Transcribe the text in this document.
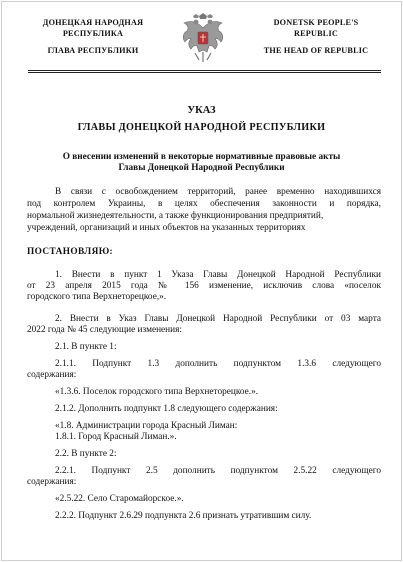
ДОНЕЦКАЯ НАРОДНАЯ
РЕСПУБЛИКА
ГЛАВА РЕСПУБЛИКИ
DONETSK PEOPLE'S
REPUBLIC
THE HEAD OF REPUBLIC
УКАЗ
ГЛАВЫ ДОНЕЦКОЙ НАРОДНОЙ РЕСПУБЛИКИ
О внесении изменений в некоторые нормативные правовые акты
Главы Донецкой Народной Республики
В связи с освобождением территорий, ранее временно находившихся
под контролем Украины, в целях обеспечения законности и порядка,
нормальной жизнедеятельности, а также функционирования предприятий,
учреждений, организаций и иных объектов на указанных территориях
ПОСТАНОВЛЯЮ:
1. Внести в пункт 1 Указа Главы Донецкой Народной Республики
от 23 апреля 2015 года № 156 изменение, исключив слова «поселок
городского типа Верхнеторецкое,».
2. Внести в Указ Главы Донецкой Народной Республики от 03 марта
2022 года № 45 следующие изменения:
2.1. В пункте 1:
2.1.1. Подпункт 1.3 дополнить подпунктом 1.3.6 следующего
содержания:
«1.3.6. Поселок городского типа Верхнеторецкое.».
2.1.2. Дополнить подпункт 1.8 следующего содержания:
«1.8. Администрации города Красный Лиман:
1.8.1. Город Красный Лиман.».
2.2. В пункте 2:
2.2.1. Подпункт 2.5 дополнить подпунктом 2.5.22 следующего
содержания:
«2.5.22. Село Старомайорское.».
2.2.2. Подпункт 2.6.29 подпункта 2.6 признать утратившим силу.
